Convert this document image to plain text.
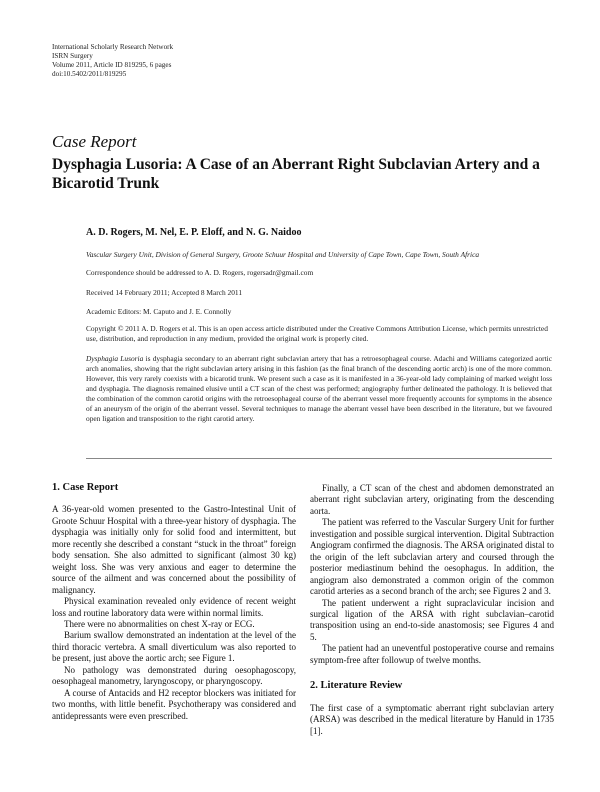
International Scholarly Research Network
ISRN Surgery
Volume 2011, Article ID 819295, 6 pages
doi:10.5402/2011/819295
Case Report
Dysphagia Lusoria: A Case of an Aberrant Right Subclavian Artery and a Bicarotid Trunk
A. D. Rogers, M. Nel, E. P. Eloff, and N. G. Naidoo
Vascular Surgery Unit, Division of General Surgery, Groote Schuur Hospital and University of Cape Town, Cape Town, South Africa
Correspondence should be addressed to A. D. Rogers, rogersadr@gmail.com
Received 14 February 2011; Accepted 8 March 2011
Academic Editors: M. Caputo and J. E. Connolly
Copyright © 2011 A. D. Rogers et al. This is an open access article distributed under the Creative Commons Attribution License, which permits unrestricted use, distribution, and reproduction in any medium, provided the original work is properly cited.
Dysphagia Lusoria is dysphagia secondary to an aberrant right subclavian artery that has a retroesophageal course. Adachi and Williams categorized aortic arch anomalies, showing that the right subclavian artery arising in this fashion (as the final branch of the descending aortic arch) is one of the more common. However, this very rarely coexists with a bicarotid trunk. We present such a case as it is manifested in a 36-year-old lady complaining of marked weight loss and dysphagia. The diagnosis remained elusive until a CT scan of the chest was performed; angiography further delineated the pathology. It is believed that the combination of the common carotid origins with the retroesophageal course of the aberrant vessel more frequently accounts for symptoms in the absence of an aneurysm of the origin of the aberrant vessel. Several techniques to manage the aberrant vessel have been described in the literature, but we favoured open ligation and transposition to the right carotid artery.
1. Case Report

A 36-year-old women presented to the Gastro-Intestinal Unit of Groote Schuur Hospital with a three-year history of dysphagia. The dysphagia was initially only for solid food and intermittent, but more recently she described a constant “stuck in the throat” foreign body sensation. She also admitted to significant (almost 30 kg) weight loss. She was very anxious and eager to determine the source of the ailment and was concerned about the possibility of malignancy.

Physical examination revealed only evidence of recent weight loss and routine laboratory data were within normal limits.

There were no abnormalities on chest X-ray or ECG.

Barium swallow demonstrated an indentation at the level of the third thoracic vertebra. A small diverticulum was also reported to be present, just above the aortic arch; see Figure 1.

No pathology was demonstrated during oesophagoscopy, oesophageal manometry, laryngoscopy, or pharyngoscopy.

A course of Antacids and H2 receptor blockers was initiated for two months, with little benefit. Psychotherapy was considered and antidepressants were even prescribed.

Finally, a CT scan of the chest and abdomen demonstrated an aberrant right subclavian artery, originating from the descending aorta.

The patient was referred to the Vascular Surgery Unit for further investigation and possible surgical intervention. Digital Subtraction Angiogram confirmed the diagnosis. The ARSA originated distal to the origin of the left subclavian artery and coursed through the posterior mediastinum behind the oesophagus. In addition, the angiogram also demonstrated a common origin of the common carotid arteries as a second branch of the arch; see Figures 2 and 3.

The patient underwent a right supraclavicular incision and surgical ligation of the ARSA with right subclavian–carotid transposition using an end-to-side anastomosis; see Figures 4 and 5.

The patient had an uneventful postoperative course and remains symptom-free after followup of twelve months.

2. Literature Review

The first case of a symptomatic aberrant right subclavian artery (ARSA) was described in the medical literature by Hanuld in 1735 [1].
